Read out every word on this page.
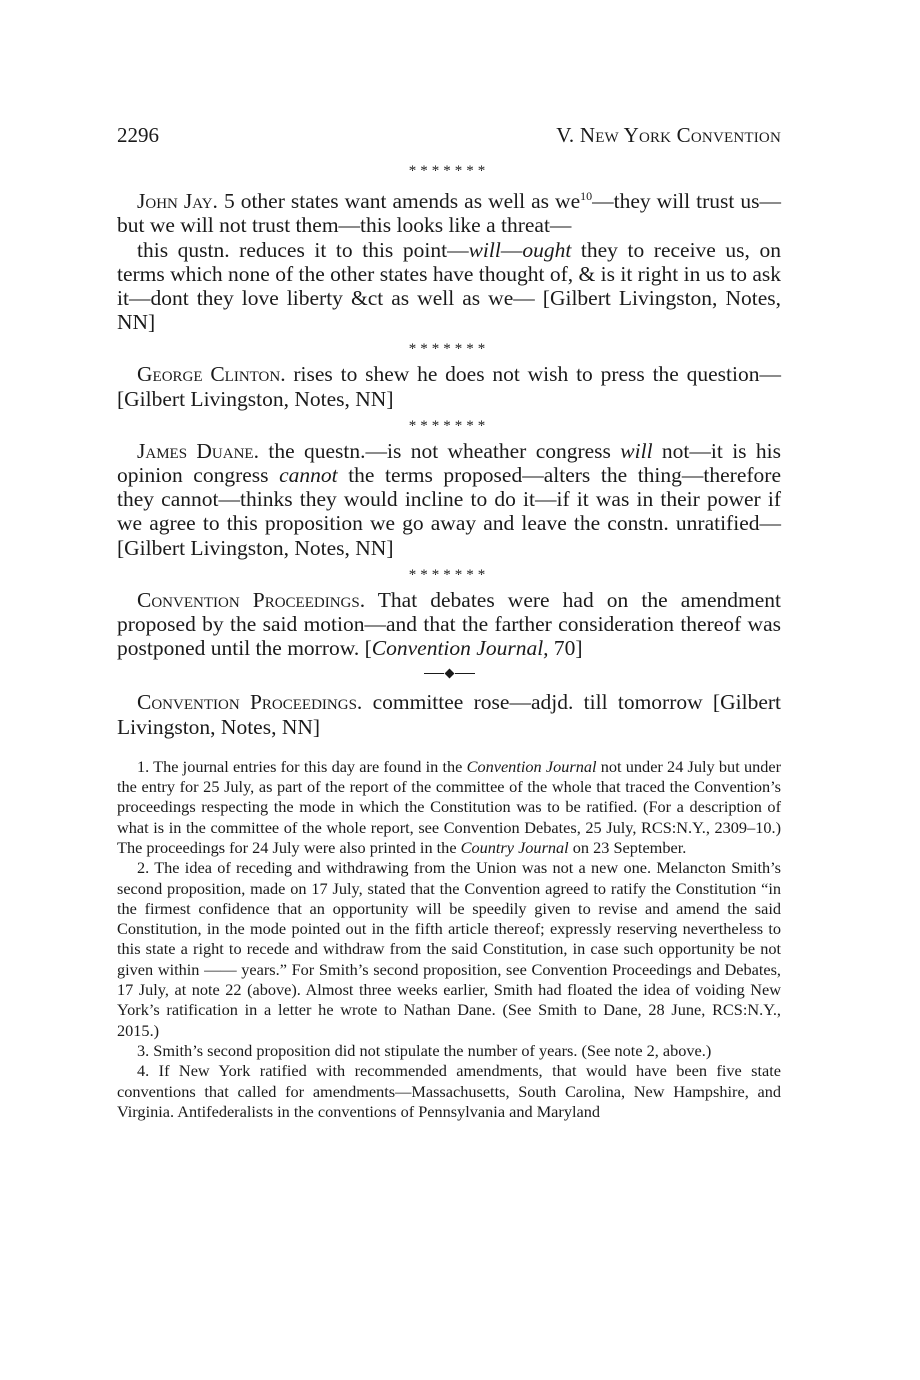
2296	V. New York Convention
*******

John Jay. 5 other states want amends as well as $we^{10}—they$ will trust us—but we will not trust them—this looks like a threat—

this qustn. reduces it to this point—will—ought they to receive us, on terms which none of the other states have thought of, & is it right in us to ask it—dont they love liberty &ct as well as we— [Gilbert Livingston, Notes, NN]

*******

George Clinton. rises to shew he does not wish to press the question— [Gilbert Livingston, Notes, NN]

*******

James Duane. the questn.—is not wheather congress will not—it is his opinion congress cannot the terms proposed—alters the thing—therefore they cannot—thinks they would incline to do it—if it was in their power if we agree to this proposition we go away and leave the constn. unratified— [Gilbert Livingston, Notes, NN]

*******

Convention Proceedings. That debates were had on the amendment proposed by the said motion—and that the farther consideration thereof was postponed until the morrow. [Convention Journal, 70]

Convention Proceedings. committee rose—adjd. till tomorrow [Gilbert Livingston, Notes, NN]

1. The journal entries for this day are found in the Convention Journal not under 24 July but under the entry for 25 July, as part of the report of the committee of the whole that traced the Convention’s proceedings respecting the mode in which the Constitution was to be ratified. (For a description of what is in the committee of the whole report, see Convention Debates, 25 July, RCS:N.Y., 2309–10.) The proceedings for 24 July were also printed in the Country Journal on 23 September.

2. The idea of receding and withdrawing from the Union was not a new one. Melancton Smith’s second proposition, made on 17 July, stated that the Convention agreed to ratify the Constitution “in the firmest confidence that an opportunity will be speedily given to revise and amend the said Constitution, in the mode pointed out in the fifth article thereof; expressly reserving nevertheless to this state a right to recede and withdraw from the said Constitution, in case such opportunity be not given within —— years.” For Smith’s second proposition, see Convention Proceedings and Debates, 17 July, at note 22 (above). Almost three weeks earlier, Smith had floated the idea of voiding New York’s ratification in a letter he wrote to Nathan Dane. (See Smith to Dane, 28 June, RCS:N.Y., 2015.)

3. Smith’s second proposition did not stipulate the number of years. (See note 2, above.)

4. If New York ratified with recommended amendments, that would have been five state conventions that called for amendments—Massachusetts, South Carolina, New Hampshire, and Virginia. Antifederalists in the conventions of Pennsylvania and Maryland
